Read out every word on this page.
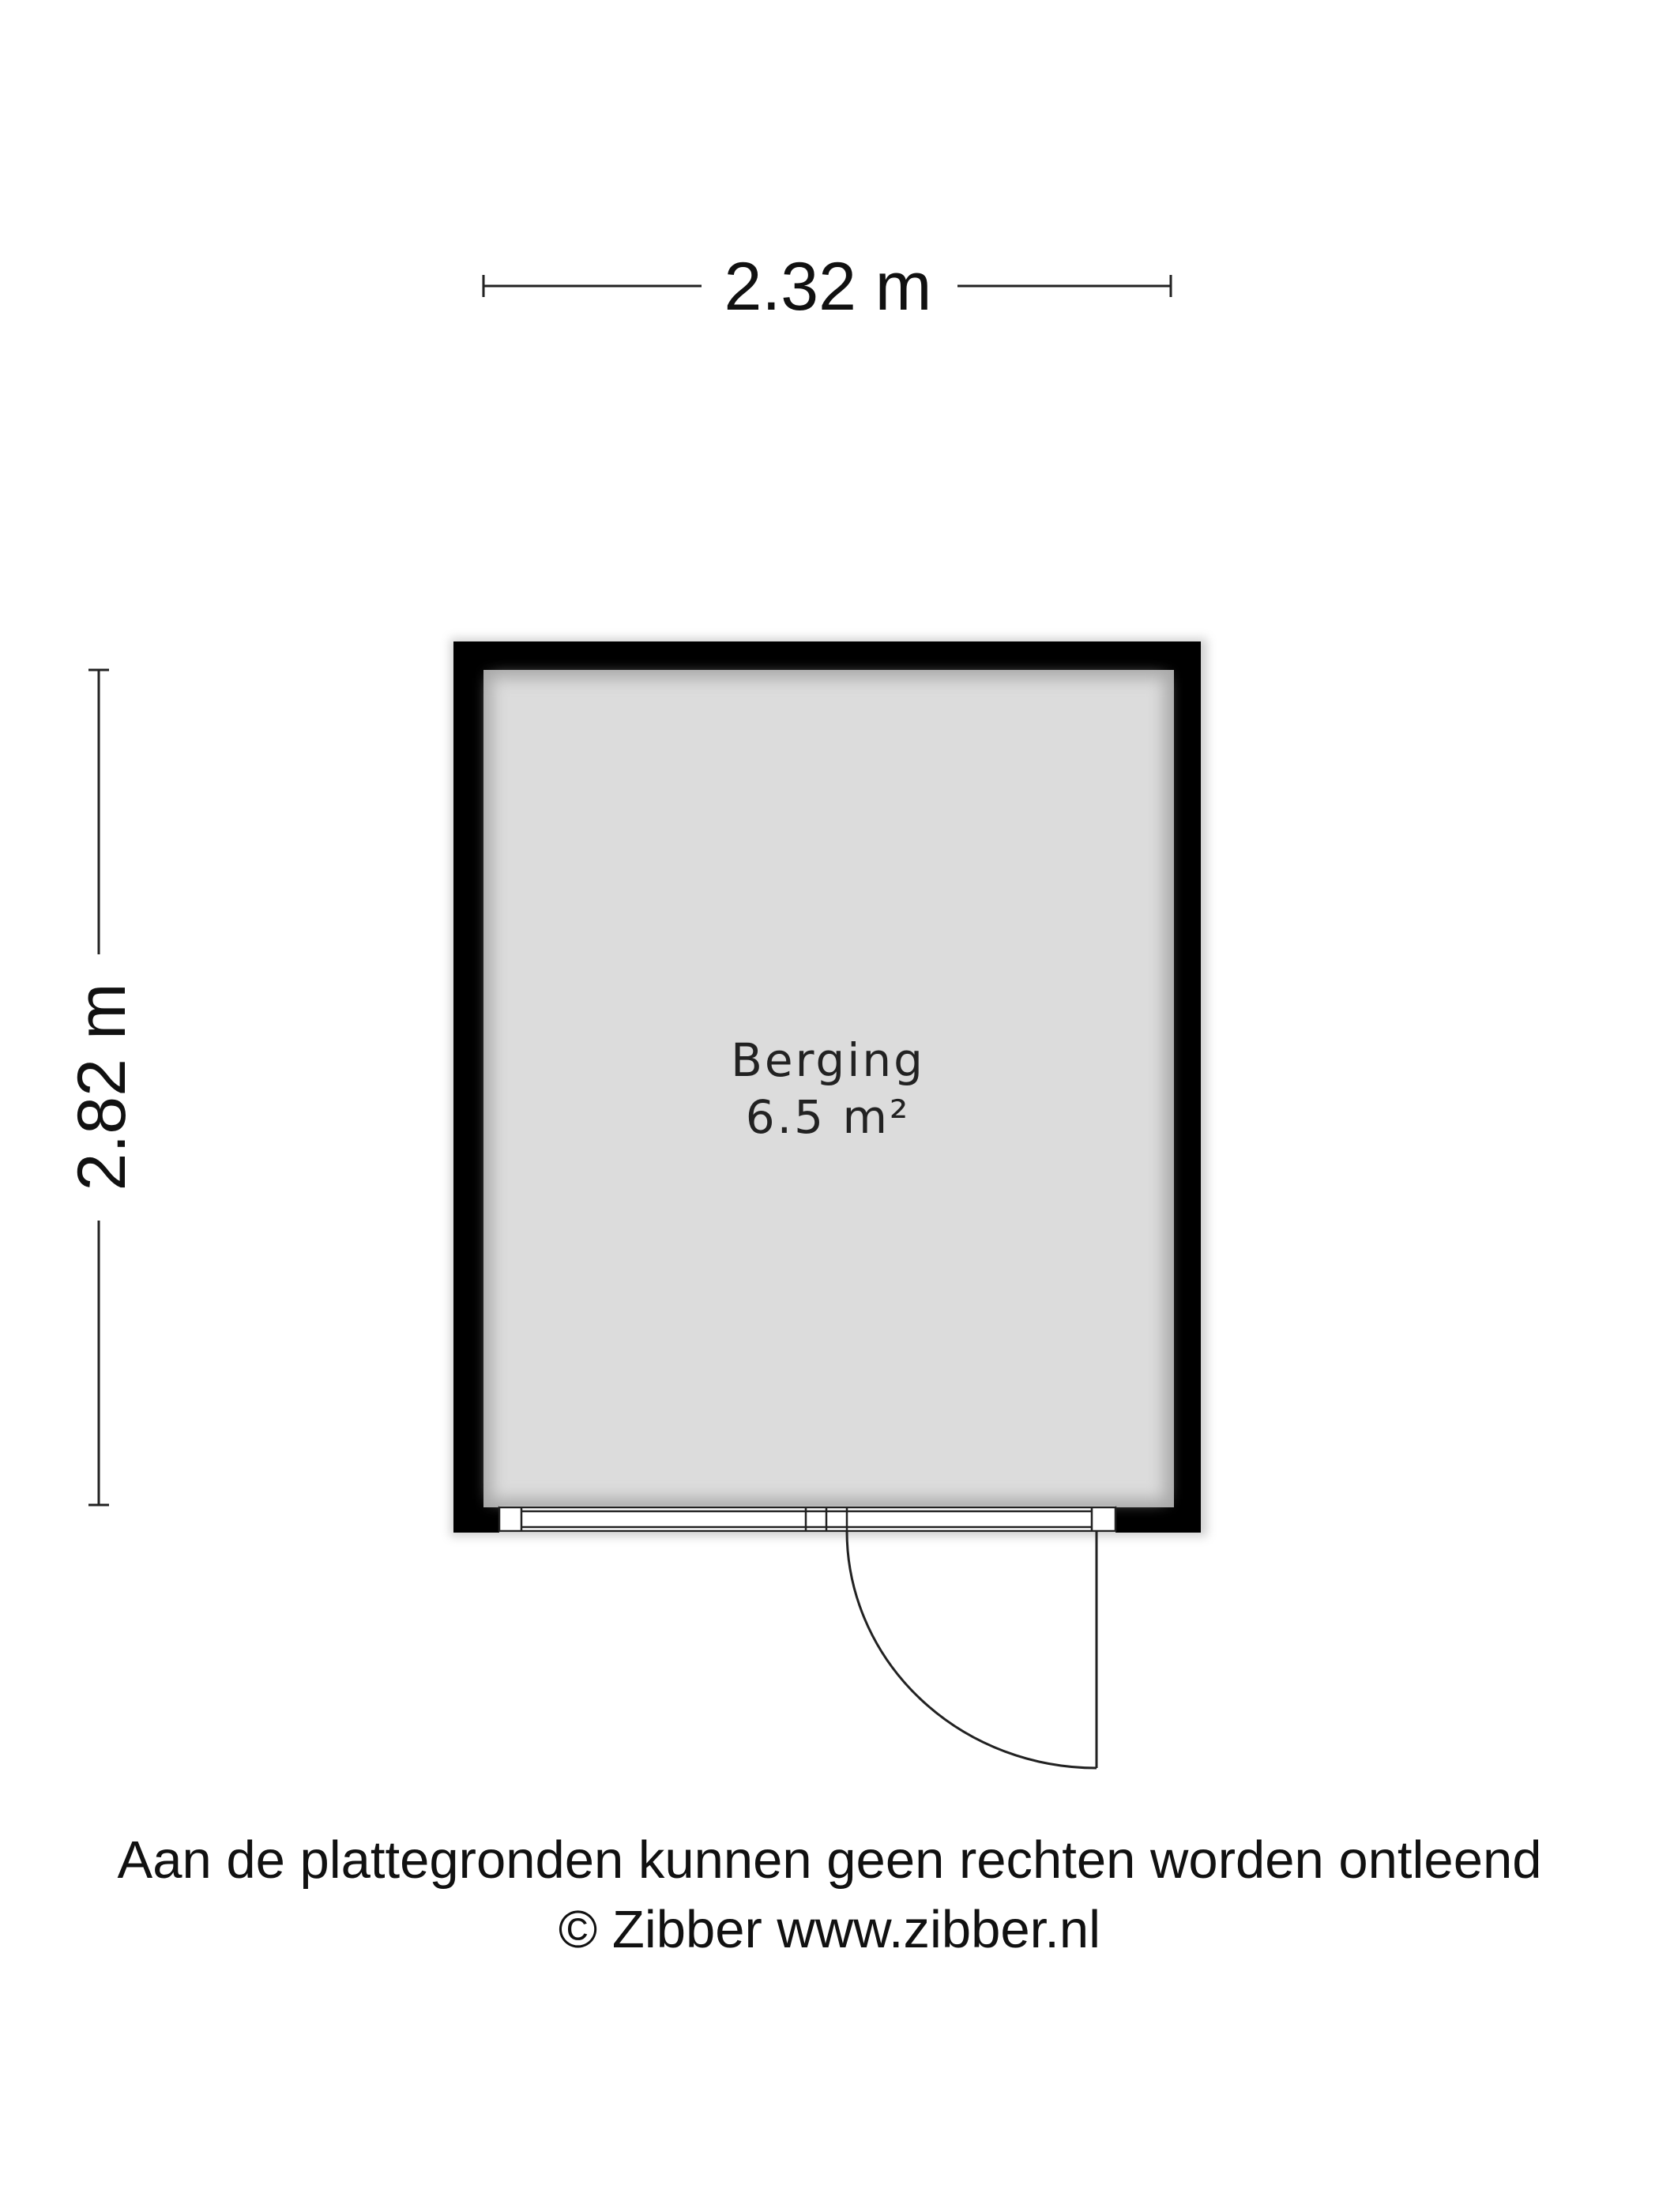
2.32 m
2.82 m	Berging
6.5 m²
Aan de plattegronden kunnen geen rechten worden ontleend
© Zibber www.zibber.nl
